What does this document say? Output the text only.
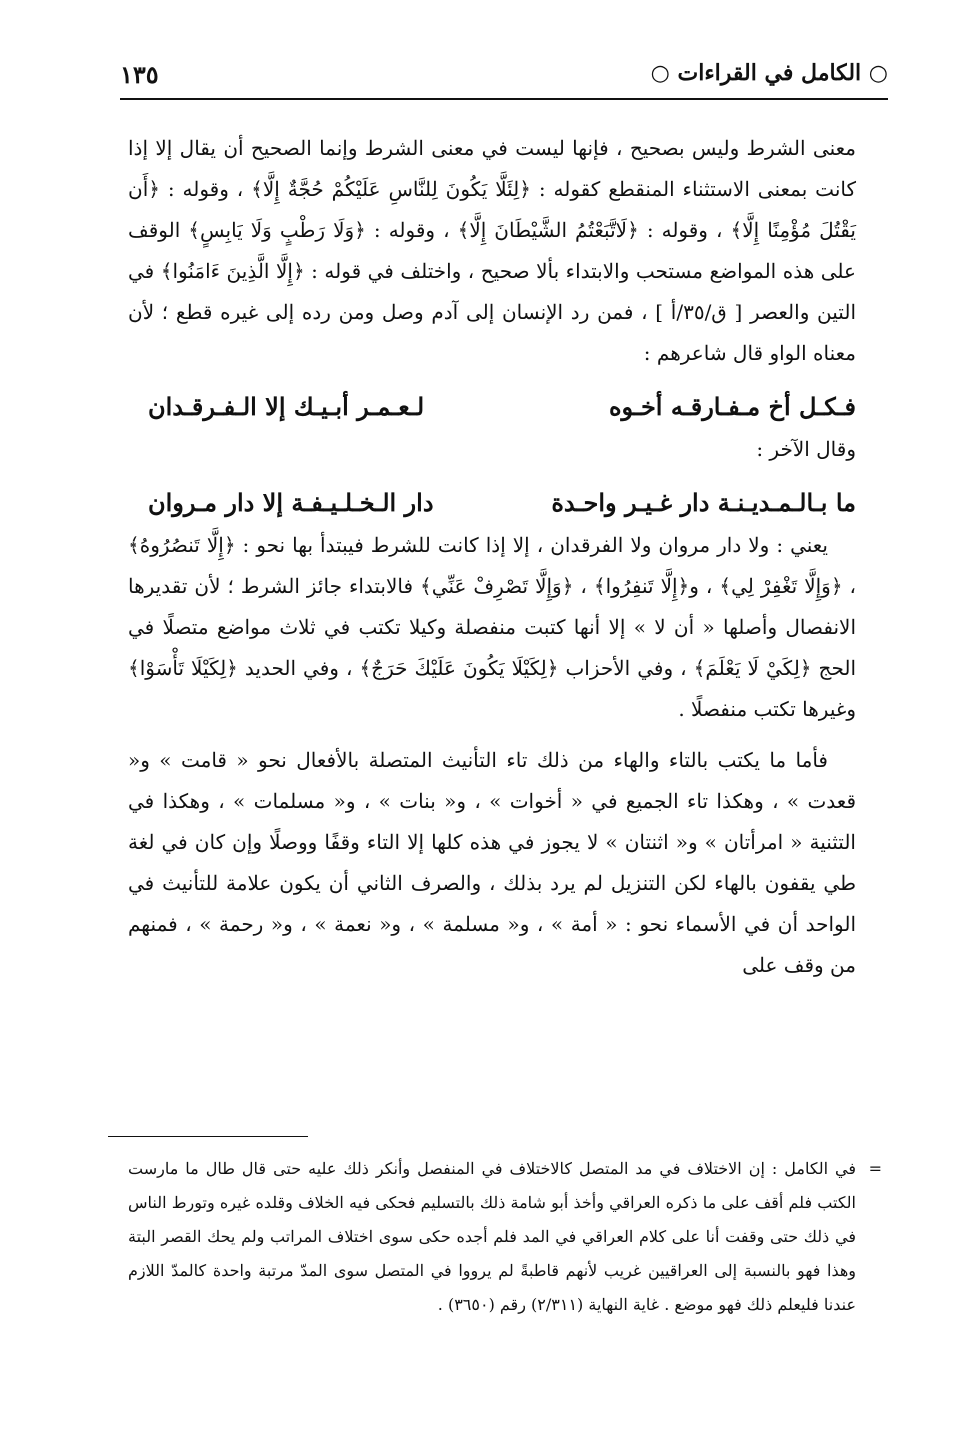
○ الكامل في القراءات ○
١٣٥

معنى الشرط وليس بصحيح ، فإنها ليست في معنى الشرط وإنما الصحيح أن يقال إلا إذا كانت بمعنى الاستثناء المنقطع كقوله : ﴿لِئَلَّا يَكُونَ لِلنَّاسِ عَلَيْكُمْ حُجَّةٌ إِلَّا﴾ ، وقوله : ﴿أَن يَقْتُلَ مُؤْمِنًا إِلَّا﴾ ، وقوله : ﴿لَاتَّبَعْتُمُ الشَّيْطَانَ إِلَّا﴾ ، وقوله : ﴿وَلَا رَطْبٍ وَلَا يَابِسٍ﴾ الوقف على هذه المواضع مستحب والابتداء بألا صحيح ، واختلف في قوله : ﴿إِلَّا الَّذِينَ ءَامَنُوا﴾ في التين والعصر [ ق/٣٥/أ ] ، فمن رد الإنسان إلى آدم وصل ومن رده إلى غيره قطع ؛ لأن معناه الواو قال شاعرهم :

فـكـل أخ مـفـارقـه أخـوه
لـعـمـر أبـيـك إلا الـفـرقـدان

وقال الآخر :

ما بـالـمـديـنـة دار غـيـر واحـدة
دار الـخـلـيـفـة إلا دار مـروان

يعني : ولا دار مروان ولا الفرقدان ، إلا إذا كانت للشرط فيبتدأ بها نحو : ﴿إِلَّا تَنصُرُوهُ﴾ ، ﴿وَإِلَّا تَغْفِرْ لِي﴾ ، و﴿إِلَّا تَنفِرُوا﴾ ، ﴿وَإِلَّا تَصْرِفْ عَنِّي﴾ فالابتداء جائز الشرط ؛ لأن تقديرها الانفصال وأصلها « أن لا » إلا أنها كتبت منفصلة وكيلا تكتب في ثلاث مواضع متصلًا في الحج ﴿لِكَيْ لَا يَعْلَمَ﴾ ، وفي الأحزاب ﴿لِكَيْلَا يَكُونَ عَلَيْكَ حَرَجٌ﴾ ، وفي الحديد ﴿لِكَيْلَا تَأْسَوْا﴾ وغيرها تكتب منفصلًا .

فأما ما يكتب بالتاء والهاء من ذلك تاء التأنيث المتصلة بالأفعال نحو « قامت » و« قعدت » ، وهكذا تاء الجميع في « أخوات » ، و« بنات » ، و« مسلمات » ، وهكذا في التثنية « امرأتان » و« اثنتان » لا يجوز في هذه كلها إلا التاء وقفًا ووصلًا وإن كان في لغة طي يقفون بالهاء لكن التنزيل لم يرد بذلك ، والصرف الثاني أن يكون علامة للتأنيث في الواحد أن في الأسماء نحو : « أمة » ، و« مسلمة » ، و« نعمة » ، و« رحمة » ، فمنهم من وقف على

=

في الكامل : إن الاختلاف في مد المتصل كالاختلاف في المنفصل وأنكر ذلك عليه حتى قال طال ما مارست الكتب فلم أقف على ما ذكره العراقي وأخذ أبو شامة ذلك بالتسليم فحكى فيه الخلاف وقلده غيره وتورط الناس في ذلك حتى وقفت أنا على كلام العراقي في المد فلم أجده حكى سوى اختلاف المراتب ولم يحك القصر البتة وهذا فهو بالنسبة إلى العراقيين غريب لأنهم قاطبةً لم يرووا في المتصل سوى المدّ مرتبة واحدة كالمدّ اللازم عندنا فليعلم ذلك فهو موضع . غاية النهاية (٢/٣١١) رقم (٣٦٥٠) .
